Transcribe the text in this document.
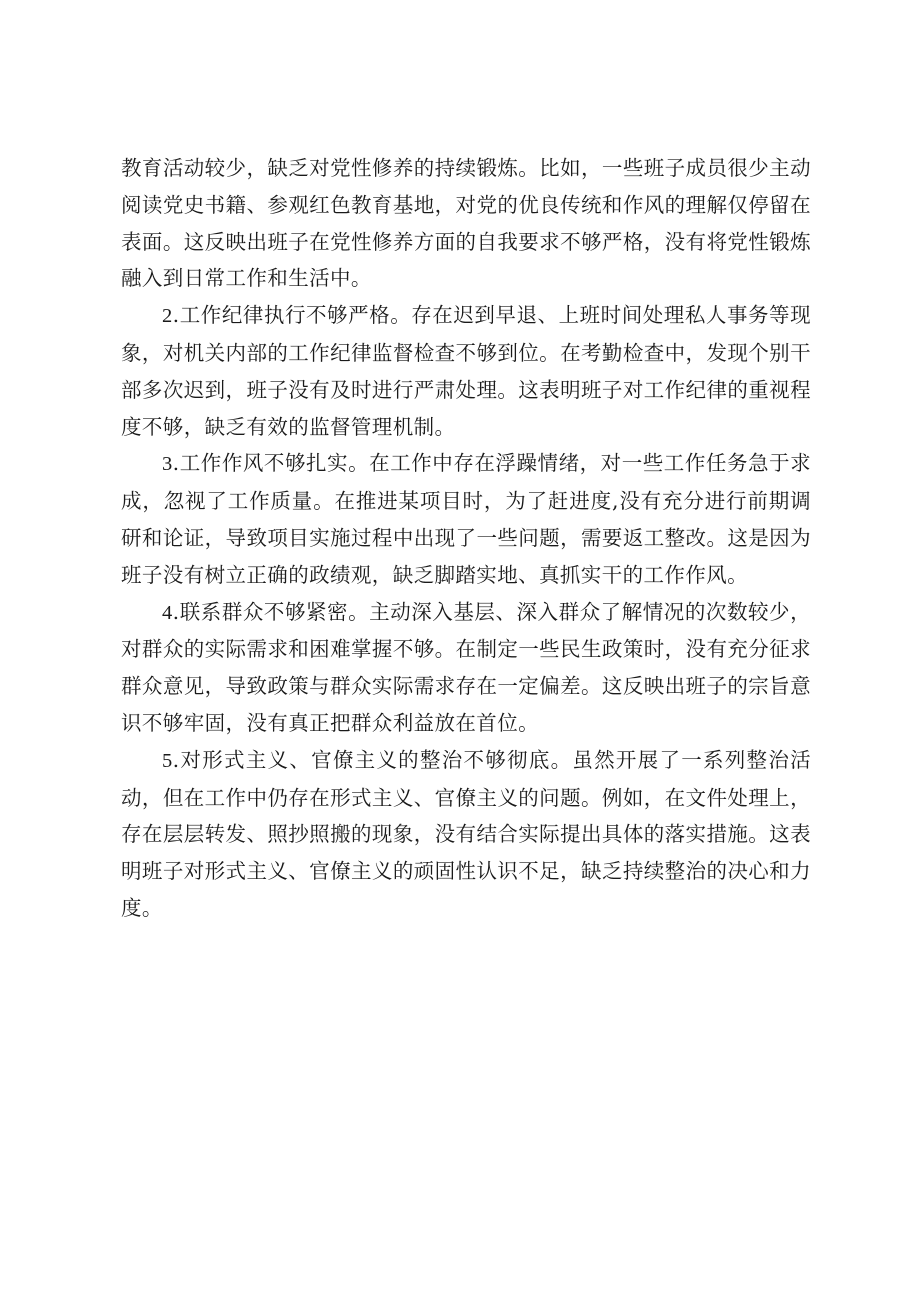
教育活动较少，缺乏对党性修养的持续锻炼。比如，一些班子成员很少主动阅读党史书籍、参观红色教育基地，对党的优良传统和作风的理解仅停留在表面。这反映出班子在党性修养方面的自我要求不够严格，没有将党性锻炼融入到日常工作和生活中。

2.工作纪律执行不够严格。存在迟到早退、上班时间处理私人事务等现象，对机关内部的工作纪律监督检查不够到位。在考勤检查中，发现个别干部多次迟到，班子没有及时进行严肃处理。这表明班子对工作纪律的重视程度不够，缺乏有效的监督管理机制。

3.工作作风不够扎实。在工作中存在浮躁情绪，对一些工作任务急于求成，忽视了工作质量。在推进某项目时，为了赶进度,没有充分进行前期调研和论证，导致项目实施过程中出现了一些问题，需要返工整改。这是因为班子没有树立正确的政绩观，缺乏脚踏实地、真抓实干的工作作风。

4.联系群众不够紧密。主动深入基层、深入群众了解情况的次数较少，对群众的实际需求和困难掌握不够。在制定一些民生政策时，没有充分征求群众意见，导致政策与群众实际需求存在一定偏差。这反映出班子的宗旨意识不够牢固，没有真正把群众利益放在首位。

5.对形式主义、官僚主义的整治不够彻底。虽然开展了一系列整治活动，但在工作中仍存在形式主义、官僚主义的问题。例如，在文件处理上，存在层层转发、照抄照搬的现象，没有结合实际提出具体的落实措施。这表明班子对形式主义、官僚主义的顽固性认识不足，缺乏持续整治的决心和力度。
